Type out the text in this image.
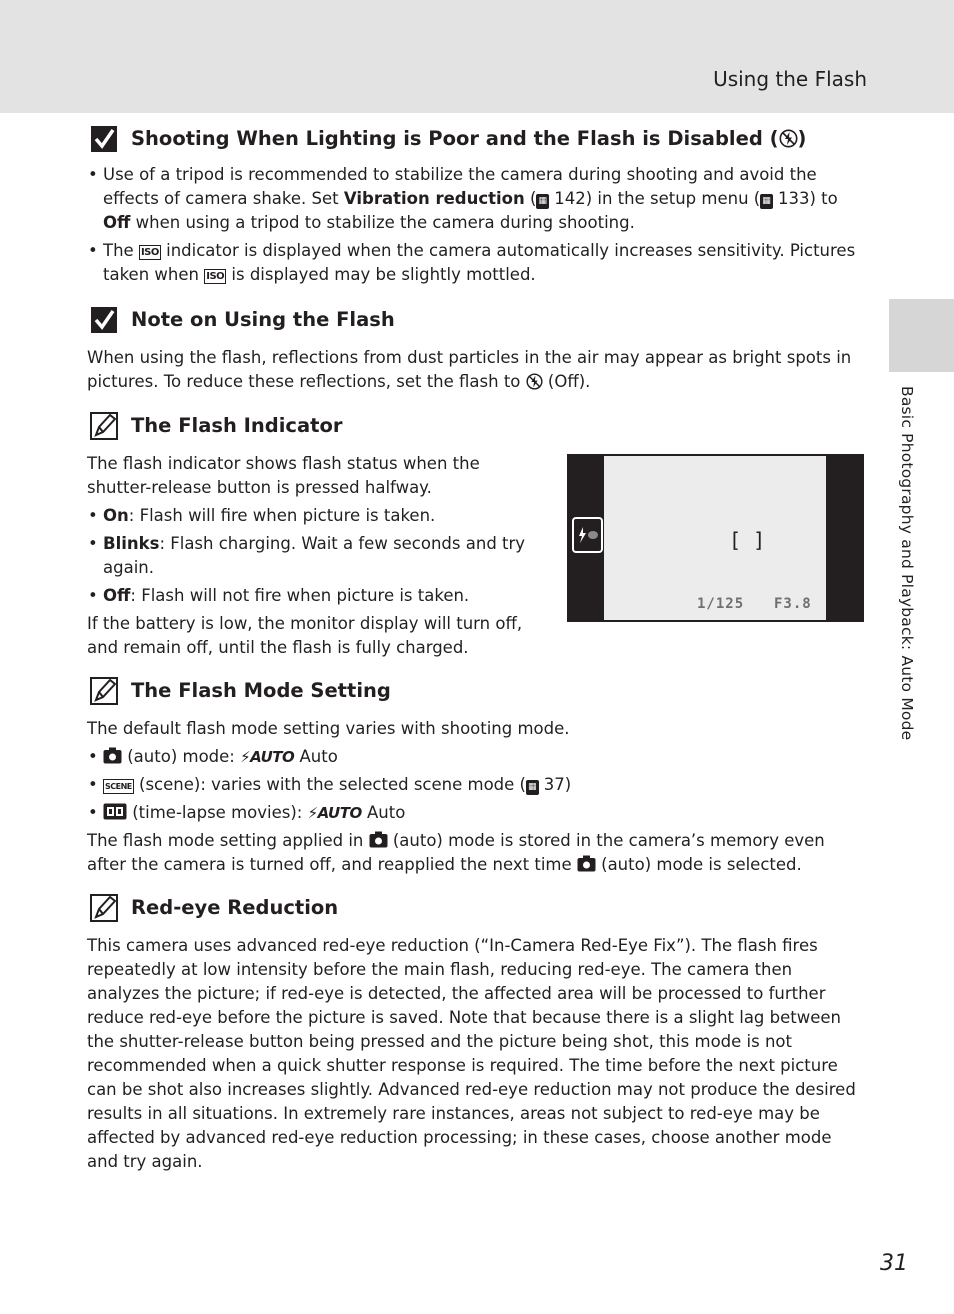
Using the Flash
Basic Photography and Playback: Auto Mode
Shooting When Lighting is Poor and the Flash is Disabled ( )
• Use of a tripod is recommended to stabilize the camera during shooting and avoid the effects of camera shake. Set Vibration reduction ( ▦ 142) in the setup menu ( ▦ 133) to Off when using a tripod to stabilize the camera during shooting.
• The ISO indicator is displayed when the camera automatically increases sensitivity. Pictures taken when ISO is displayed may be slightly mottled.
Note on Using the Flash

When using the flash, reflections from dust particles in the air may appear as bright spots in pictures. To reduce these reflections, set the flash to  (Off).

The Flash Indicator

The flash indicator shows flash status when the shutter-release button is pressed halfway.

• On: Flash will fire when picture is taken.
• Blinks: Flash charging. Wait a few seconds and try again.
• Off: Flash will not fire when picture is taken.

If the battery is low, the monitor display will turn off, and remain off, until the flash is fully charged.

[ ]
1/125 F3.8
The Flash Mode Setting

The default flash mode setting varies with shooting mode.

• (auto) mode: ⚡AUTO Auto
• SCENE (scene): varies with the selected scene mode ( ▦ 37)
• (time-lapse movies): ⚡AUTO Auto

The flash mode setting applied in  (auto) mode is stored in the camera’s memory even after the camera is turned off, and reapplied the next time  (auto) mode is selected.

Red-eye Reduction

This camera uses advanced red-eye reduction (“In-Camera Red-Eye Fix”). The flash fires repeatedly at low intensity before the main flash, reducing red-eye. The camera then analyzes the picture; if red-eye is detected, the affected area will be processed to further reduce red-eye before the picture is saved. Note that because there is a slight lag between the shutter-release button being pressed and the picture being shot, this mode is not recommended when a quick shutter response is required. The time before the next picture can be shot also increases slightly. Advanced red-eye reduction may not produce the desired results in all situations. In extremely rare instances, areas not subject to red-eye may be affected by advanced red-eye reduction processing; in these cases, choose another mode and try again.

31
